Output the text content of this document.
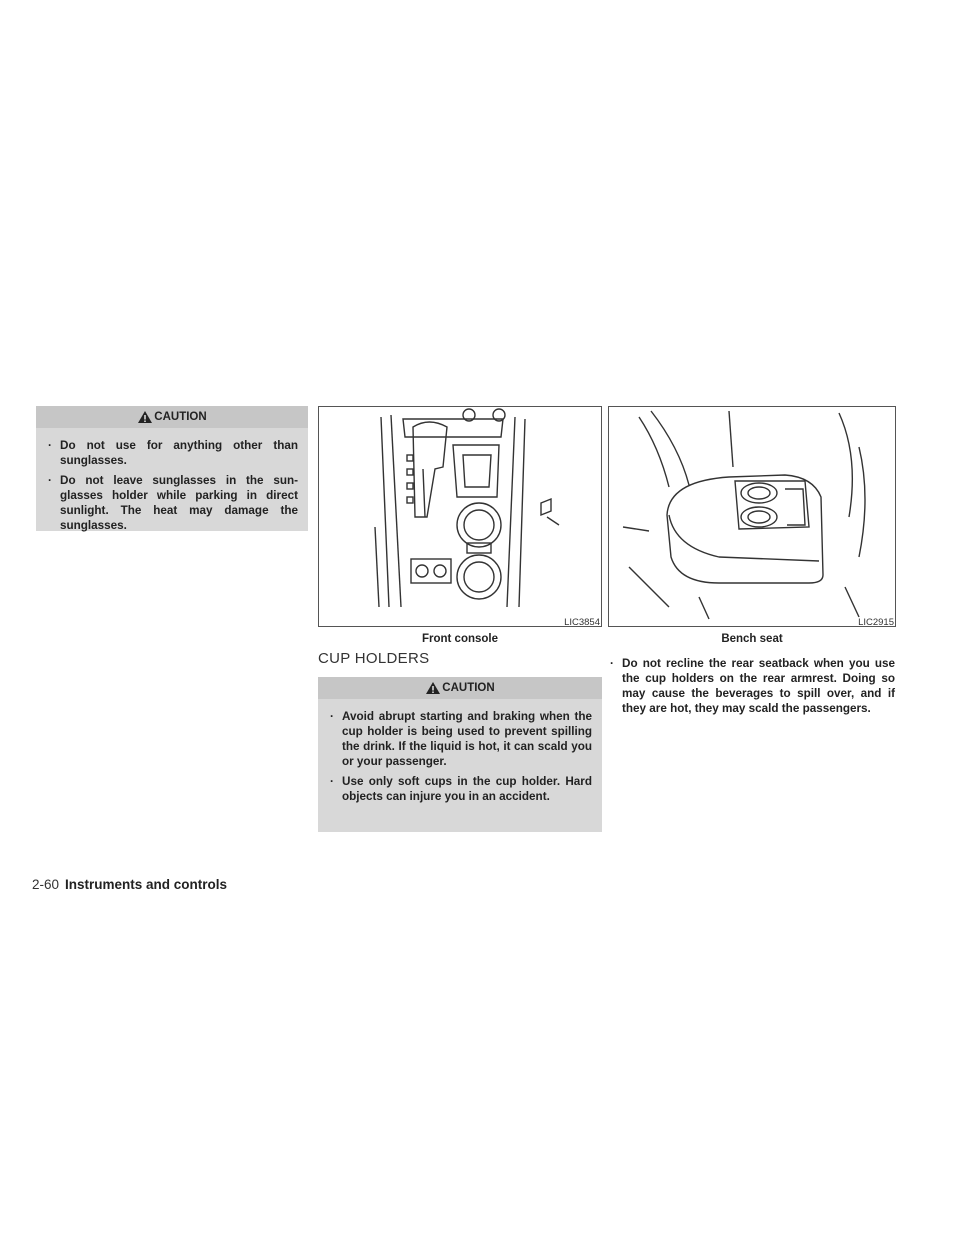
CAUTION
· Do not use for anything other than sunglasses.
· Do not leave sunglasses in the sun- glasses holder while parking in direct sunlight. The heat may damage the sunglasses.
LIC3854
Front console
LIC2915
Bench seat
CUP HOLDERS
CAUTION
· Avoid abrupt starting and braking when the cup holder is being used to prevent spilling the drink. If the liquid is hot, it can scald you or your passenger.
· Use only soft cups in the cup holder. Hard objects can injure you in an accident.
· Do not recline the rear seatback when you use the cup holders on the rear armrest. Doing so may cause the beverages to spill over, and if they are hot, they may scald the passengers.
2-60 Instruments and controls
